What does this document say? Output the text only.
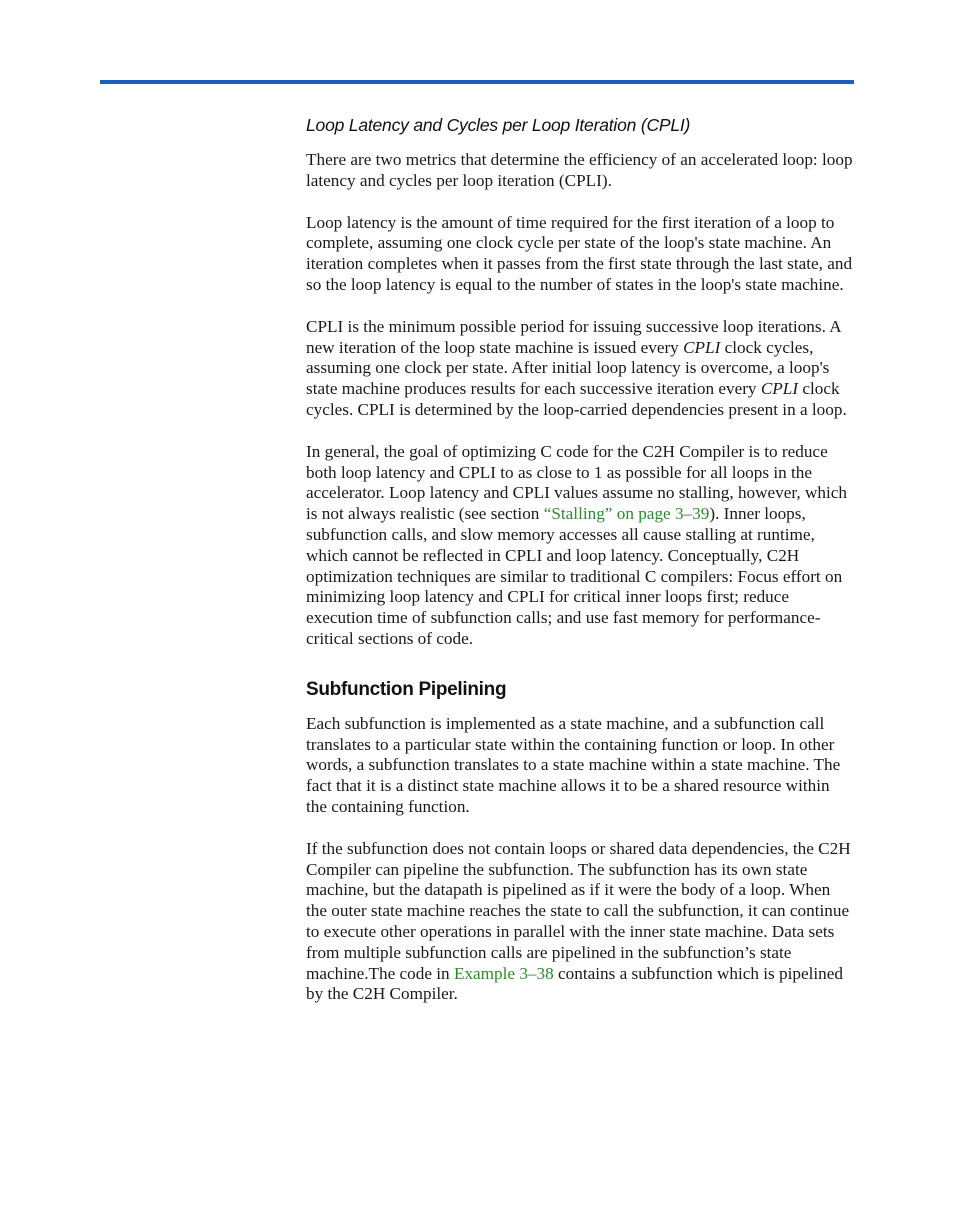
Loop Latency and Cycles per Loop Iteration (CPLI)

There are two metrics that determine the efficiency of an accelerated loop: loop latency and cycles per loop iteration (CPLI).

Loop latency is the amount of time required for the first iteration of a loop to complete, assuming one clock cycle per state of the loop's state machine. An iteration completes when it passes from the first state through the last state, and so the loop latency is equal to the number of states in the loop's state machine.

CPLI is the minimum possible period for issuing successive loop iterations. A new iteration of the loop state machine is issued every CPLI clock cycles, assuming one clock per state. After initial loop latency is overcome, a loop's state machine produces results for each successive iteration every CPLI clock cycles. CPLI is determined by the loop-carried dependencies present in a loop.

In general, the goal of optimizing C code for the C2H Compiler is to reduce both loop latency and CPLI to as close to 1 as possible for all loops in the accelerator. Loop latency and CPLI values assume no stalling, however, which is not always realistic (see section “Stalling” on page 3–39). Inner loops, subfunction calls, and slow memory accesses all cause stalling at runtime, which cannot be reflected in CPLI and loop latency. Conceptually, C2H optimization techniques are similar to traditional C compilers: Focus effort on minimizing loop latency and CPLI for critical inner loops first; reduce execution time of subfunction calls; and use fast memory for performance-critical sections of code.

Subfunction Pipelining

Each subfunction is implemented as a state machine, and a subfunction call translates to a particular state within the containing function or loop. In other words, a subfunction translates to a state machine within a state machine. The fact that it is a distinct state machine allows it to be a shared resource within the containing function.

If the subfunction does not contain loops or shared data dependencies, the C2H Compiler can pipeline the subfunction. The subfunction has its own state machine, but the datapath is pipelined as if it were the body of a loop. When the outer state machine reaches the state to call the subfunction, it can continue to execute other operations in parallel with the inner state machine. Data sets from multiple subfunction calls are pipelined in the subfunction’s state machine.The code in Example 3–38 contains a subfunction which is pipelined by the C2H Compiler.
